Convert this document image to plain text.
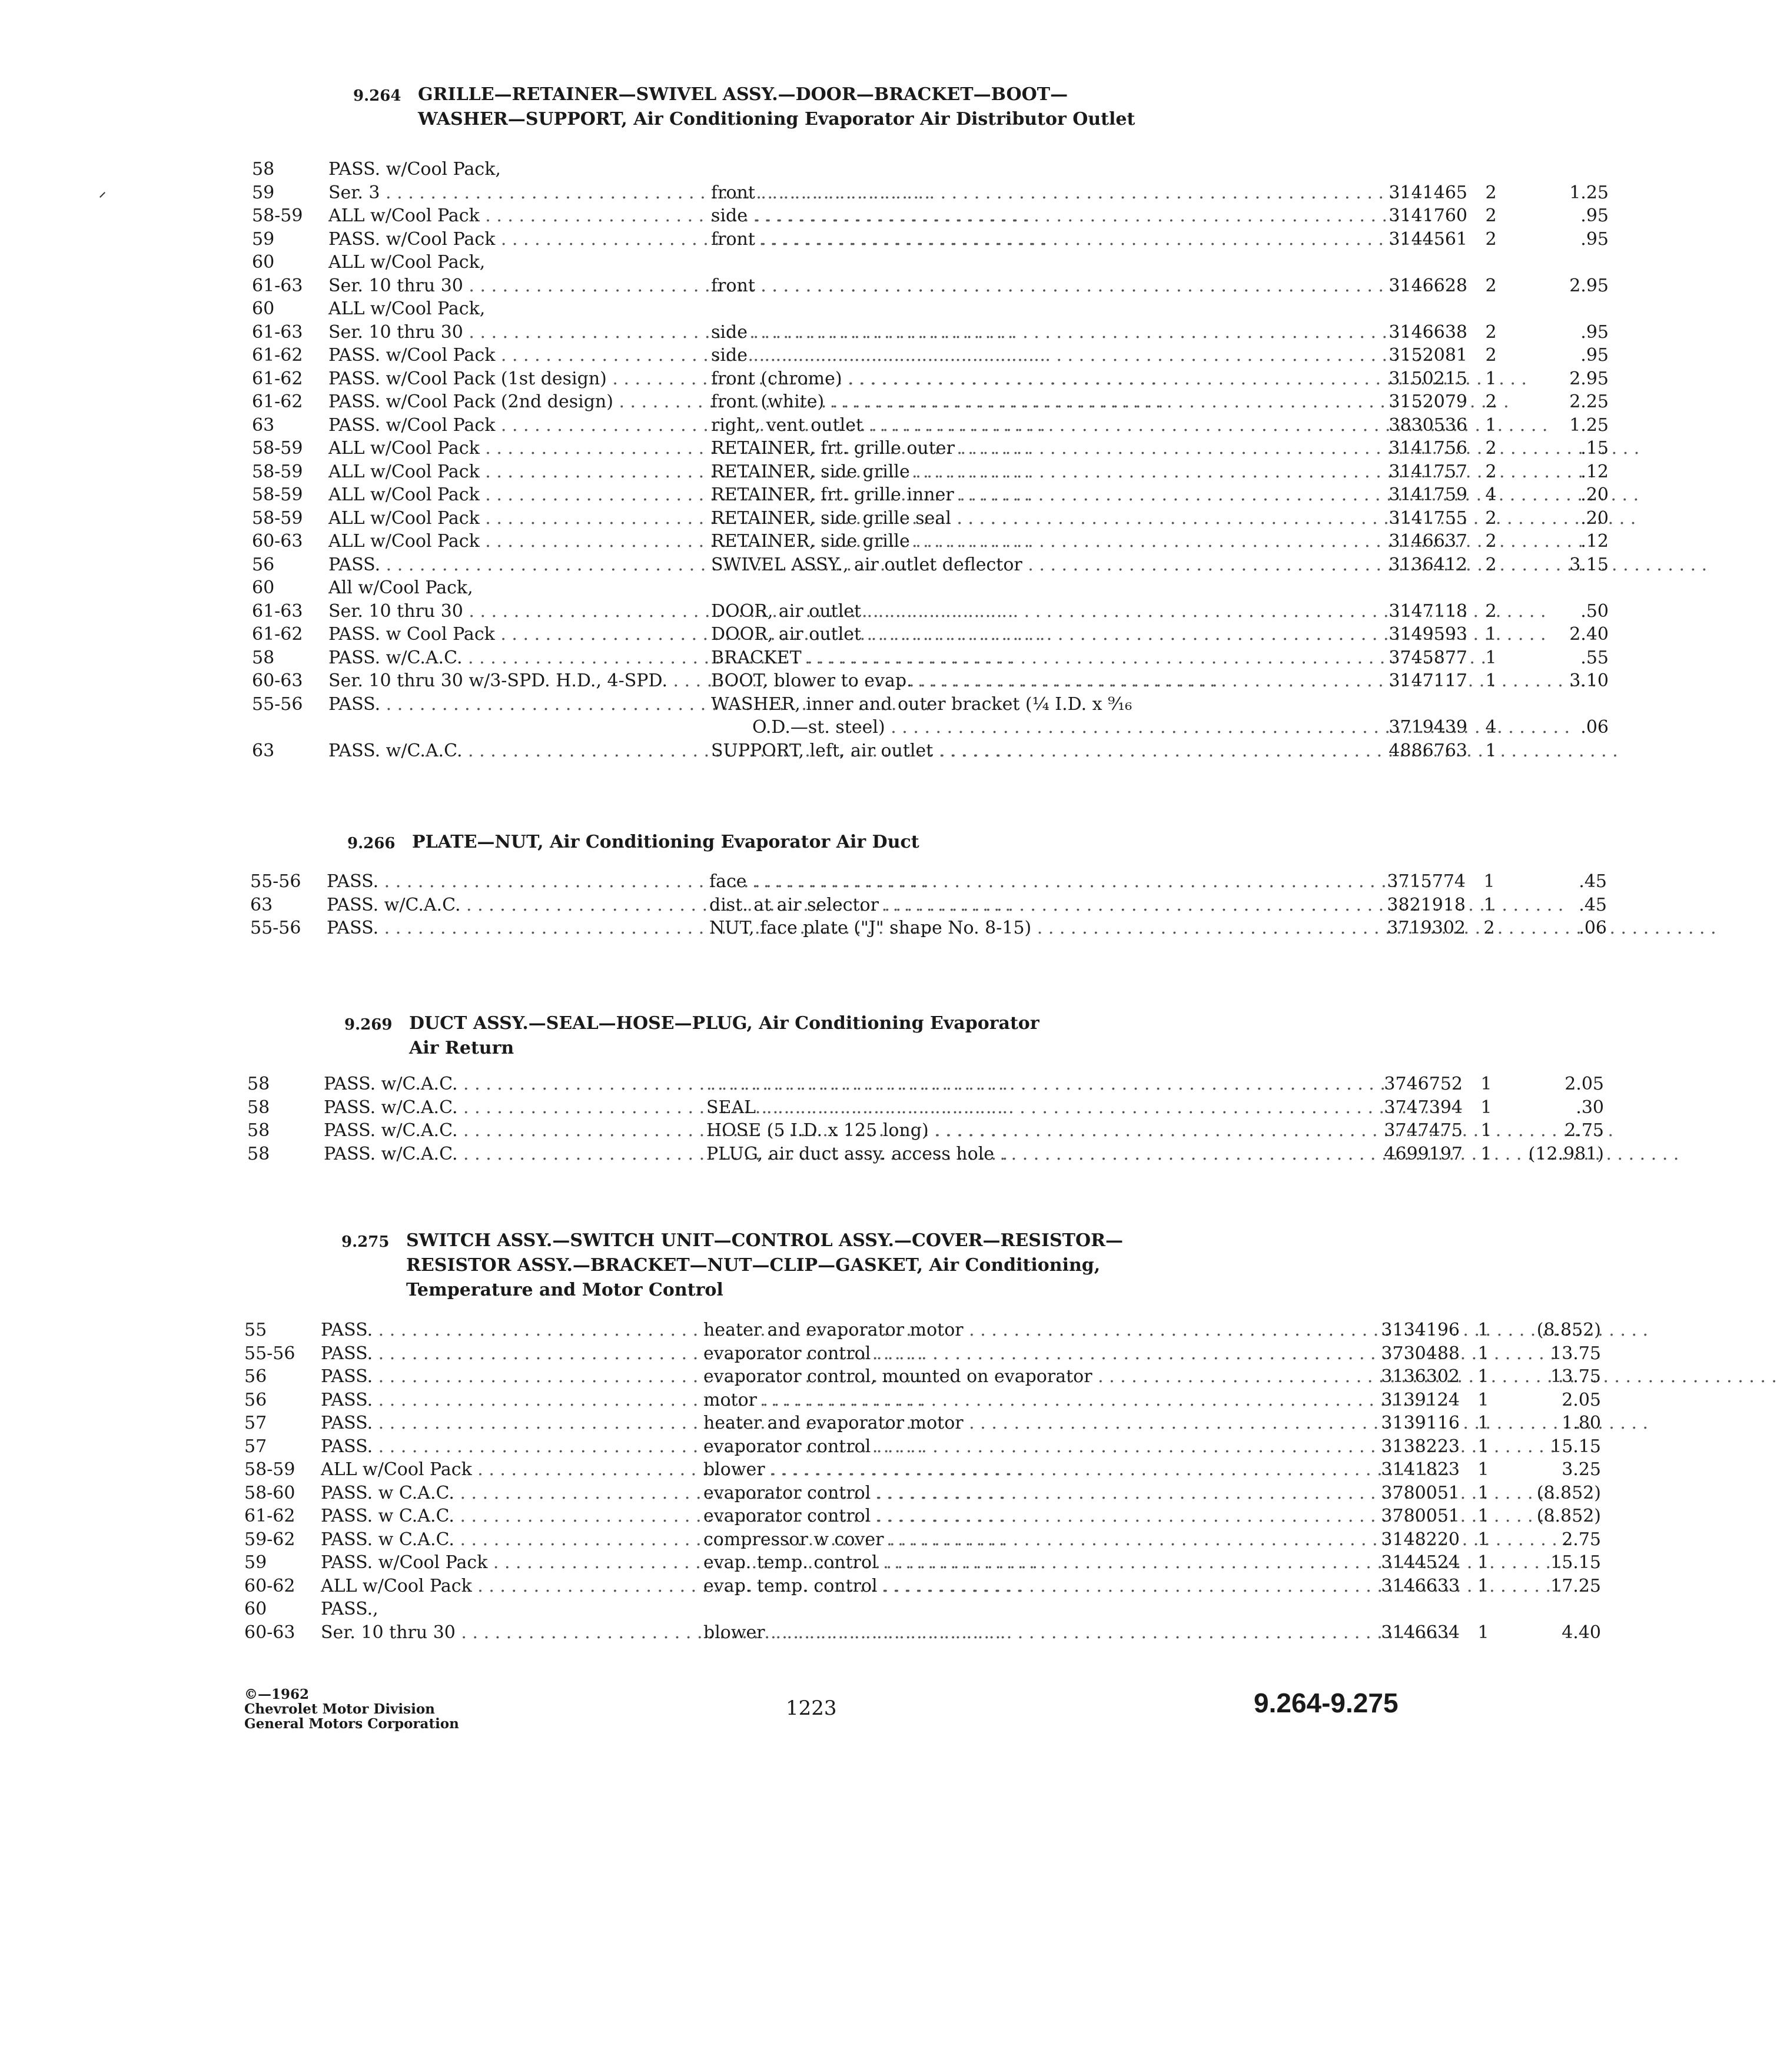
9.264 GRILLE—RETAINER—SWIVEL ASSY.—DOOR—BRACKET—BOOT—
WASHER—SUPPORT, Air Conditioning Evaporator Air Distributor Outlet
9.266 PLATE—NUT, Air Conditioning Evaporator Air Duct
9.269 DUCT ASSY.—SEAL—HOSE—PLUG, Air Conditioning Evaporator
Air Return
9.275 SWITCH ASSY.—SWITCH UNIT—CONTROL ASSY.—COVER—RESISTOR—
RESISTOR ASSY.—BRACKET—NUT—CLIP—GASKET, Air Conditioning,
Temperature and Motor Control
58	PASS. w/Cool Pack,
59	Ser. 3 . . .	front . . .	3141465	2	1.25
58-59	ALL w/Cool Pack . . .	side . . .	3141760	2	.95
59	PASS. w/Cool Pack . . .	front . . .	3144561	2	.95
60	ALL w/Cool Pack,
61-63	Ser. 10 thru 30 . . .	front . . .	3146628	2	2.95
60	ALL w/Cool Pack,
61-63	Ser. 10 thru 30 . . .	side . . .	3146638	2	.95
61-62	PASS. w/Cool Pack . . .	side . . .	3152081	2	.95
61-62	PASS. w/Cool Pack (1st design) . . .	front (chrome) . . .	3150215	1	2.95
61-62	PASS. w/Cool Pack (2nd design) . . .	front (white) . . .	3152079	2	2.25
63	PASS. w/Cool Pack . . .	right, vent outlet . . .	3830536	1	1.25
58-59	ALL w/Cool Pack . . .	RETAINER, frt. grille outer . . .	3141756	2	.15
58-59	ALL w/Cool Pack . . .	RETAINER, side grille . . .	3141757	2	.12
58-59	ALL w/Cool Pack . . .	RETAINER, frt. grille inner . . .	3141759	4	.20
58-59	ALL w/Cool Pack . . .	RETAINER, side grille seal . . .	3141755	2	.20
60-63	ALL w/Cool Pack . . .	RETAINER, side grille . . .	3146637	2	.12
56	PASS. . . .	SWIVEL ASSY., air outlet deflector . . .	3136412	2	3.15
60	All w/Cool Pack,
61-63	Ser. 10 thru 30 . . .	DOOR, air outlet . . .	3147118	2	.50
61-62	PASS. w Cool Pack . . .	DOOR, air outlet . . .	3149593	1	2.40
58	PASS. w/C.A.C. . . .	BRACKET . . .	3745877	1	.55
60-63	Ser. 10 thru 30 w/3-SPD. H.D., 4-SPD. . . .	BOOT, blower to evap. . . .	3147117	1	3.10
55-56	PASS. . . .	WASHER, inner and outer bracket (¼ I.D. x ⁹⁄₁₆
O.D.—st. steel) . . .	3719439	4	.06
63	PASS. w/C.A.C. . . .	SUPPORT, left, air outlet . . .	4886763	1
55-56	PASS. . . .	face . . .	3715774	1	.45
63	PASS. w/C.A.C. . . .	dist. at air selector . . .	3821918	1	.45
55-56	PASS. . . .	NUT, face plate ("J" shape No. 8-15) . . .	3719302	2	.06
58	PASS. w/C.A.C. . . .
. . .	3746752	1	2.05
58	PASS. w/C.A.C. . . .	SEAL . . .	3747394	1	.30
58	PASS. w/C.A.C. . . .	HOSE (5 I.D. x 125 long) . . .	3747475	1	2.75
58	PASS. w/C.A.C. . . .	PLUG, air duct assy. access hole . . .	4699197	1	(12.981)
55	PASS. . . .	heater and evaporator motor . . .	3134196	1	(8.852)
55-56	PASS. . . .	evaporator control . . .	3730488	1	13.75
56	PASS. . . .	evaporator control, mounted on evaporator . . .	3136302	1	13.75
56	PASS. . . .	motor . . .	3139124	1	2.05
57	PASS. . . .	heater and evaporator motor . . .	3139116	1	1.80
57	PASS. . . .	evaporator control . . .	3138223	1	15.15
58-59	ALL w/Cool Pack . . .	blower . . .	3141823	1	3.25
58-60	PASS. w C.A.C. . . .	evaporator control . . .	3780051	1	(8.852)
61-62	PASS. w C.A.C. . . .	evaporator control . . .	3780051	1	(8.852)
59-62	PASS. w C.A.C. . . .	compressor w cover . . .	3148220	1	2.75
59	PASS. w/Cool Pack . . .	evap. temp. control . . .	3144524	1	15.15
60-62	ALL w/Cool Pack . . .	evap. temp. control . . .	3146633	1	17.25
60	PASS.,
60-63	Ser. 10 thru 30 . . .	blower . . .	3146634	1	4.40
©—1962
Chevrolet Motor Division
General Motors Corporation
1223	9.264-9.275
